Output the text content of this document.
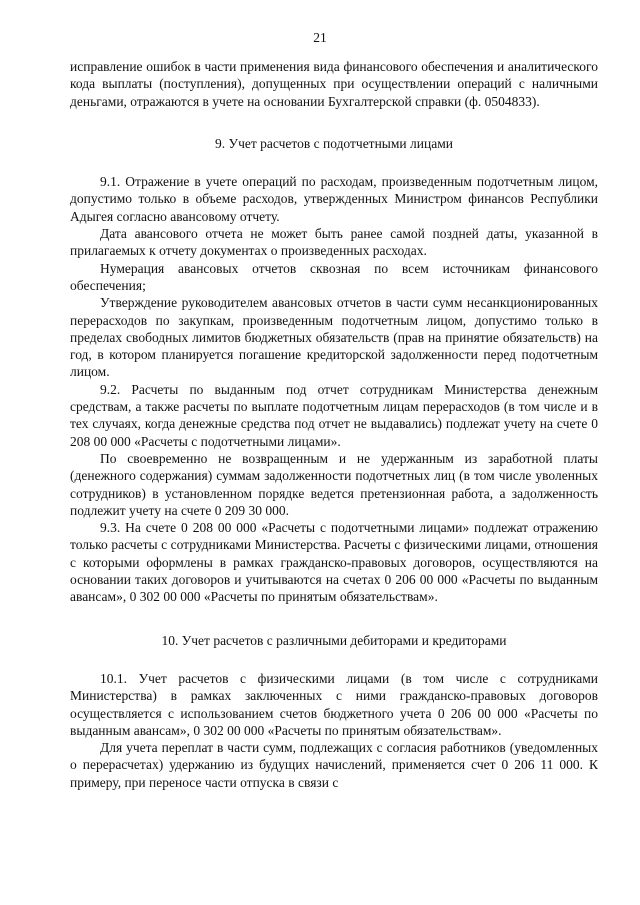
21

исправление ошибок в части применения вида финансового обеспечения и аналитического кода выплаты (поступления), допущенных при осуществлении операций с наличными деньгами, отражаются в учете на основании Бухгалтерской справки (ф. 0504833).

9. Учет расчетов с подотчетными лицами

9.1. Отражение в учете операций по расходам, произведенным подотчетным лицом, допустимо только в объеме расходов, утвержденных Министром финансов Республики Адыгея согласно авансовому отчету.

Дата авансового отчета не может быть ранее самой поздней даты, указанной в прилагаемых к отчету документах о произведенных расходах.

Нумерация авансовых отчетов сквозная по всем источникам финансового обеспечения;

Утверждение руководителем авансовых отчетов в части сумм несанкционированных перерасходов по закупкам, произведенным подотчетным лицом, допустимо только в пределах свободных лимитов бюджетных обязательств (прав на принятие обязательств) на год, в котором планируется погашение кредиторской задолженности перед подотчетным лицом.

9.2. Расчеты по выданным под отчет сотрудникам Министерства денежным средствам, а также расчеты по выплате подотчетным лицам перерасходов (в том числе и в тех случаях, когда денежные средства под отчет не выдавались) подлежат учету на счете 0 208 00 000 «Расчеты с подотчетными лицами».

По своевременно не возвращенным и не удержанным из заработной платы (денежного содержания) суммам задолженности подотчетных лиц (в том числе уволенных сотрудников) в установленном порядке ведется претензионная работа, а задолженность подлежит учету на счете 0 209 30 000.

9.3. На счете 0 208 00 000 «Расчеты с подотчетными лицами» подлежат отражению только расчеты с сотрудниками Министерства. Расчеты с физическими лицами, отношения с которыми оформлены в рамках гражданско-правовых договоров, осуществляются на основании таких договоров и учитываются на счетах 0 206 00 000 «Расчеты по выданным авансам», 0 302 00 000 «Расчеты по принятым обязательствам».

10. Учет расчетов с различными дебиторами и кредиторами

10.1. Учет расчетов с физическими лицами (в том числе с сотрудниками Министерства) в рамках заключенных с ними гражданско-правовых договоров осуществляется с использованием счетов бюджетного учета 0 206 00 000 «Расчеты по выданным авансам», 0 302 00 000 «Расчеты по принятым обязательствам».

Для учета переплат в части сумм, подлежащих с согласия работников (уведомленных о перерасчетах) удержанию из будущих начислений, применяется счет 0 206 11 000. К примеру, при переносе части отпуска в связи с
